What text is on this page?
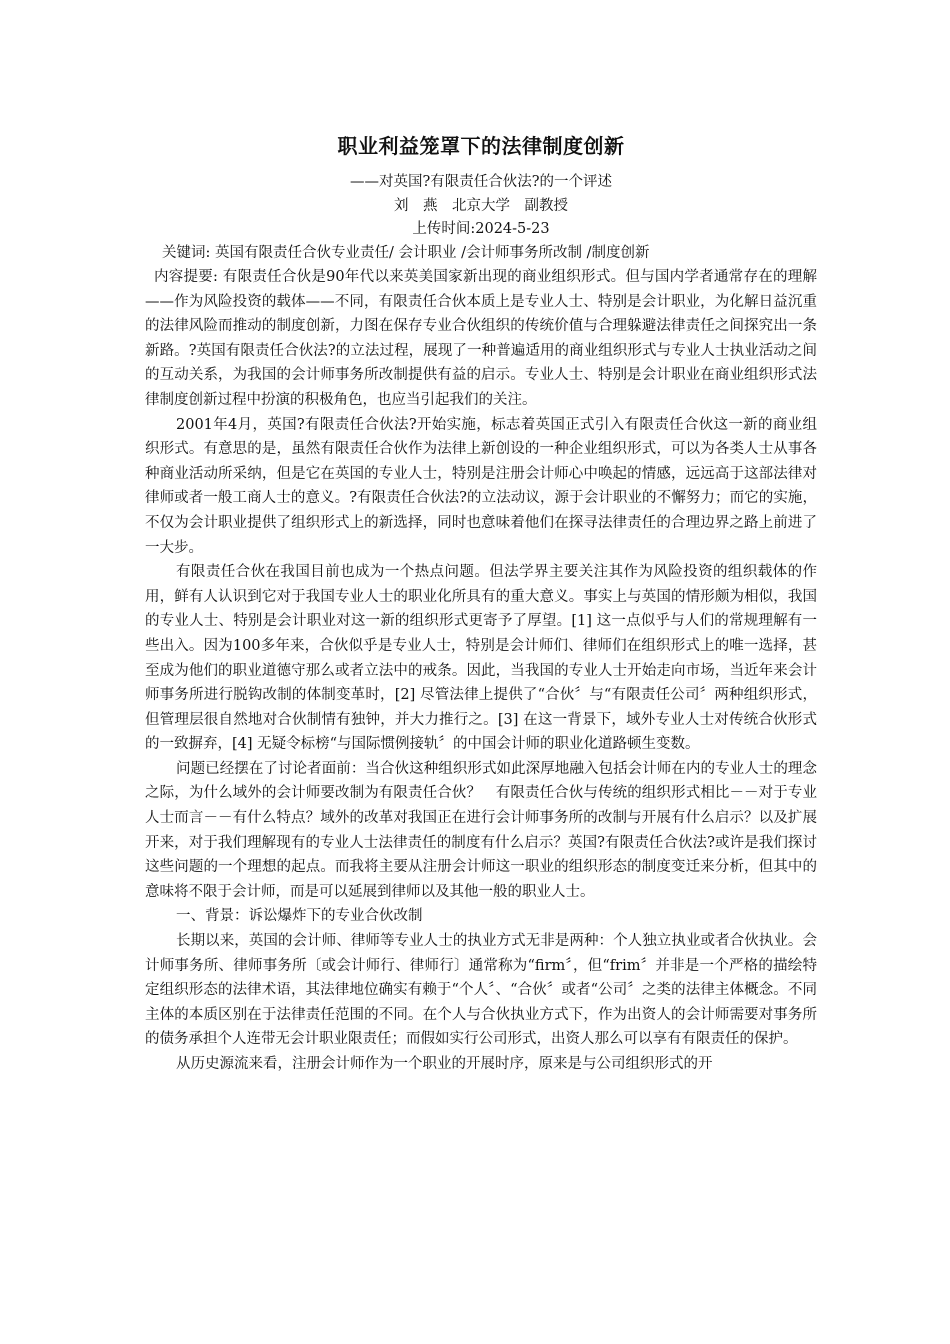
职业利益笼罩下的法律制度创新
——对英国?有限责任合伙法?的一个评述
刘　燕　北京大学　副教授
上传时间:2024-5-23
关键词: 英国有限责任合伙专业责任/ 会计职业 /会计师事务所改制 /制度创新

内容提要: 有限责任合伙是90年代以来英美国家新出现的商业组织形式。但与国内学者通常存在的理解——作为风险投资的载体——不同，有限责任合伙本质上是专业人士、特别是会计职业，为化解日益沉重的法律风险而推动的制度创新，力图在保存专业合伙组织的传统价值与合理躲避法律责任之间探究出一条新路。?英国有限责任合伙法?的立法过程，展现了一种普遍适用的商业组织形式与专业人士执业活动之间的互动关系，为我国的会计师事务所改制提供有益的启示。专业人士、特别是会计职业在商业组织形式法律制度创新过程中扮演的积极角色，也应当引起我们的关注。

2001年4月，英国?有限责任合伙法?开始实施，标志着英国正式引入有限责任合伙这一新的商业组织形式。有意思的是，虽然有限责任合伙作为法律上新创设的一种企业组织形式，可以为各类人士从事各种商业活动所采纳，但是它在英国的专业人士，特别是注册会计师心中唤起的情感，远远高于这部法律对律师或者一般工商人士的意义。?有限责任合伙法?的立法动议，源于会计职业的不懈努力；而它的实施，不仅为会计职业提供了组织形式上的新选择，同时也意味着他们在探寻法律责任的合理边界之路上前进了一大步。

有限责任合伙在我国目前也成为一个热点问题。但法学界主要关注其作为风险投资的组织载体的作用，鲜有人认识到它对于我国专业人士的职业化所具有的重大意义。事实上与英国的情形颇为相似，我国的专业人士、特别是会计职业对这一新的组织形式更寄予了厚望。[1] 这一点似乎与人们的常规理解有一些出入。因为100多年来，合伙似乎是专业人士，特别是会计师们、律师们在组织形式上的唯一选择，甚至成为他们的职业道德守那么或者立法中的戒条。因此，当我国的专业人士开始走向市场，当近年来会计师事务所进行脱钩改制的体制变革时，[2] 尽管法律上提供了“合伙〞与“有限责任公司〞两种组织形式，但管理层很自然地对合伙制情有独钟，并大力推行之。[3] 在这一背景下，域外专业人士对传统合伙形式的一致摒弃，[4] 无疑令标榜“与国际惯例接轨〞的中国会计师的职业化道路顿生变数。

问题已经摆在了讨论者面前：当合伙这种组织形式如此深厚地融入包括会计师在内的专业人士的理念之际，为什么域外的会计师要改制为有限责任合伙？　有限责任合伙与传统的组织形式相比－－对于专业人士而言－－有什么特点？域外的改革对我国正在进行会计师事务所的改制与开展有什么启示？以及扩展开来，对于我们理解现有的专业人士法律责任的制度有什么启示？英国?有限责任合伙法?或许是我们探讨这些问题的一个理想的起点。而我将主要从注册会计师这一职业的组织形态的制度变迁来分析，但其中的意味将不限于会计师，而是可以延展到律师以及其他一般的职业人士。

一、背景：诉讼爆炸下的专业合伙改制

长期以来，英国的会计师、律师等专业人士的执业方式无非是两种：个人独立执业或者合伙执业。会计师事务所、律师事务所〔或会计师行、律师行〕通常称为“firm〞，但“frim〞并非是一个严格的描绘特定组织形态的法律术语，其法律地位确实有赖于“个人〞、“合伙〞或者“公司〞之类的法律主体概念。不同主体的本质区别在于法律责任范围的不同。在个人与合伙执业方式下，作为出资人的会计师需要对事务所的债务承担个人连带无会计职业限责任；而假如实行公司形式，出资人那么可以享有有限责任的保护。

从历史源流来看，注册会计师作为一个职业的开展时序，原来是与公司组织形式的开
